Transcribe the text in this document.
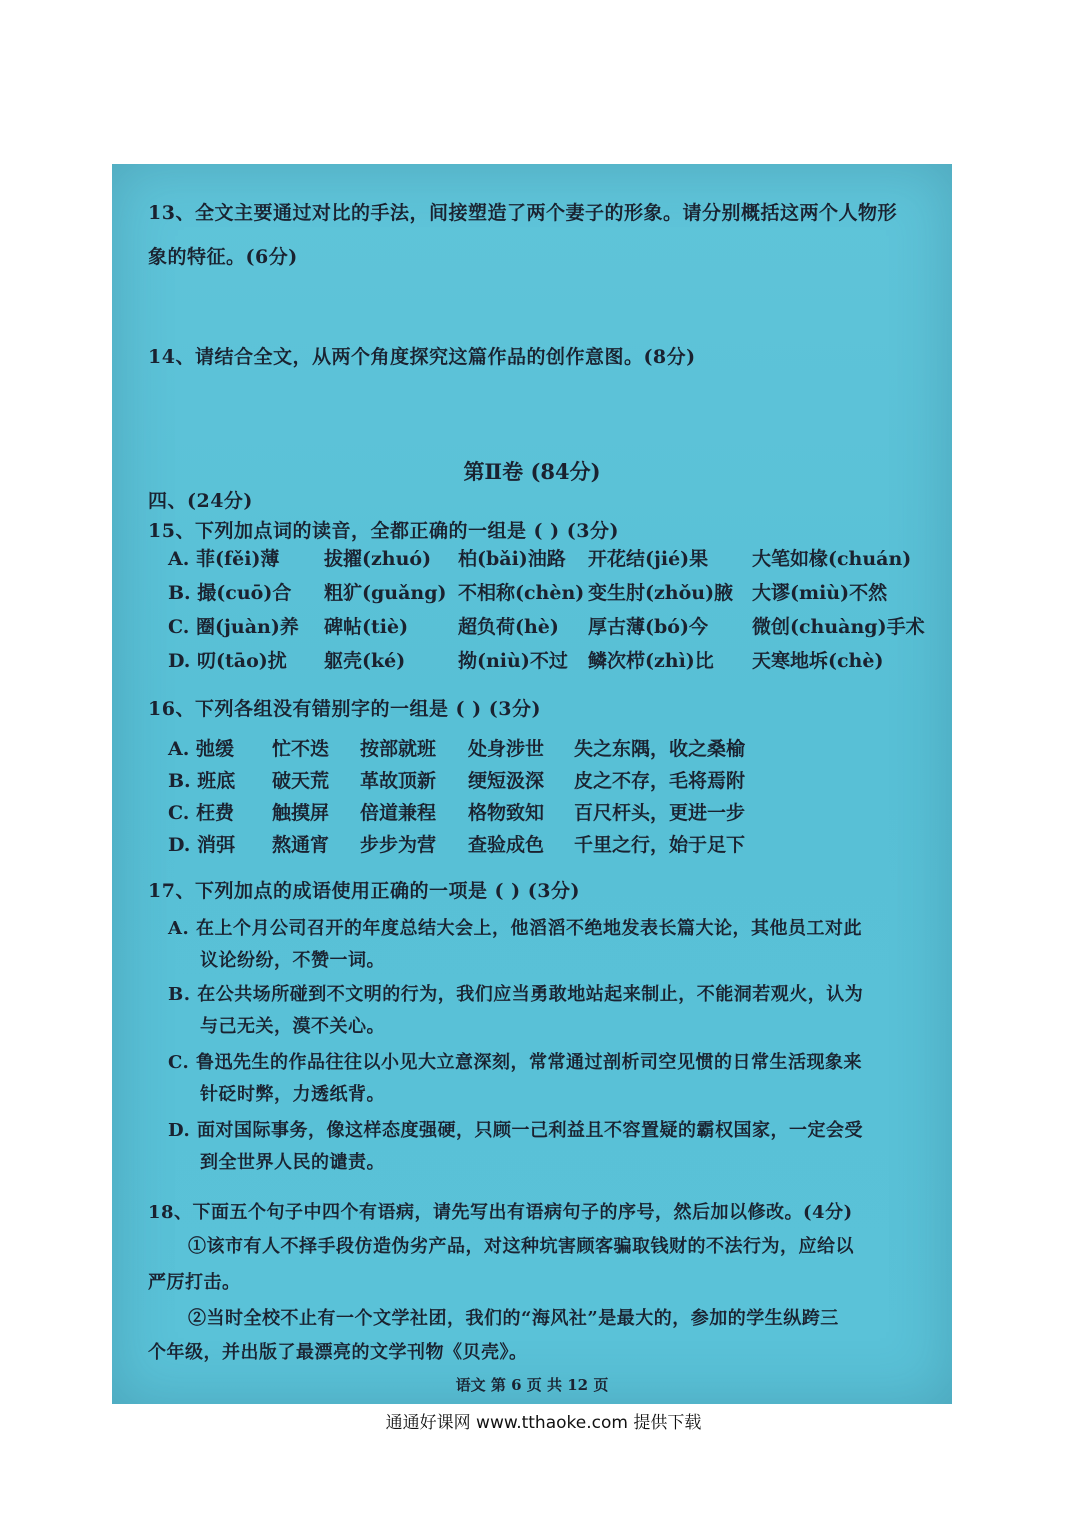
13、全文主要通过对比的手法，间接塑造了两个妻子的形象。请分别概括这两个人物形
象的特征。(6分)
14、请结合全文，从两个角度探究这篇作品的创作意图。(8分)
第Ⅱ卷 (84分)
四、(24分)
15、下列加点词的读音，全都正确的一组是 ( ) (3分)
A. 菲(fěi)薄 拔擢(zhuó) 柏(bǎi)油路 开花结(jié)果 大笔如椽(chuán)
B. 撮(cuō)合 粗犷(guǎng) 不相称(chèn) 变生肘(zhǒu)腋 大谬(miù)不然
C. 圈(juàn)养 碑帖(tiè)	超负荷(hè) 厚古薄(bó)今 微创(chuàng)手术
D. 叨(tāo)扰 躯壳(ké)	拗(niù)不过 鳞次栉(zhì)比 天寒地坼(chè)
16、下列各组没有错别字的一组是 ( ) (3分)
A. 弛缓 忙不迭 按部就班 处身涉世 失之东隅，收之桑榆
B. 班底 破天荒 革故顶新 绠短汲深 皮之不存，毛将焉附
C. 枉费 触摸屏 倍道兼程 格物致知 百尺杆头，更进一步
D. 消弭 熬通宵 步步为营 查验成色 千里之行，始于足下
17、下列加点的成语使用正确的一项是 ( ) (3分)
A. 在上个月公司召开的年度总结大会上，他滔滔不绝地发表长篇大论，其他员工对此
议论纷纷，不赞一词。
B. 在公共场所碰到不文明的行为，我们应当勇敢地站起来制止，不能洞若观火，认为
与己无关，漠不关心。
C. 鲁迅先生的作品往往以小见大立意深刻，常常通过剖析司空见惯的日常生活现象来
针砭时弊，力透纸背。
D. 面对国际事务，像这样态度强硬，只顾一己利益且不容置疑的霸权国家，一定会受
到全世界人民的谴责。
18、下面五个句子中四个有语病，请先写出有语病句子的序号，然后加以修改。(4分)
①该市有人不择手段仿造伪劣产品，对这种坑害顾客骗取钱财的不法行为，应给以
严厉打击。
②当时全校不止有一个文学社团，我们的“海风社”是最大的，参加的学生纵跨三
个年级，并出版了最漂亮的文学刊物《贝壳》。
语文 第 6 页 共 12 页
通通好课网 www.tthaoke.com 提供下载
